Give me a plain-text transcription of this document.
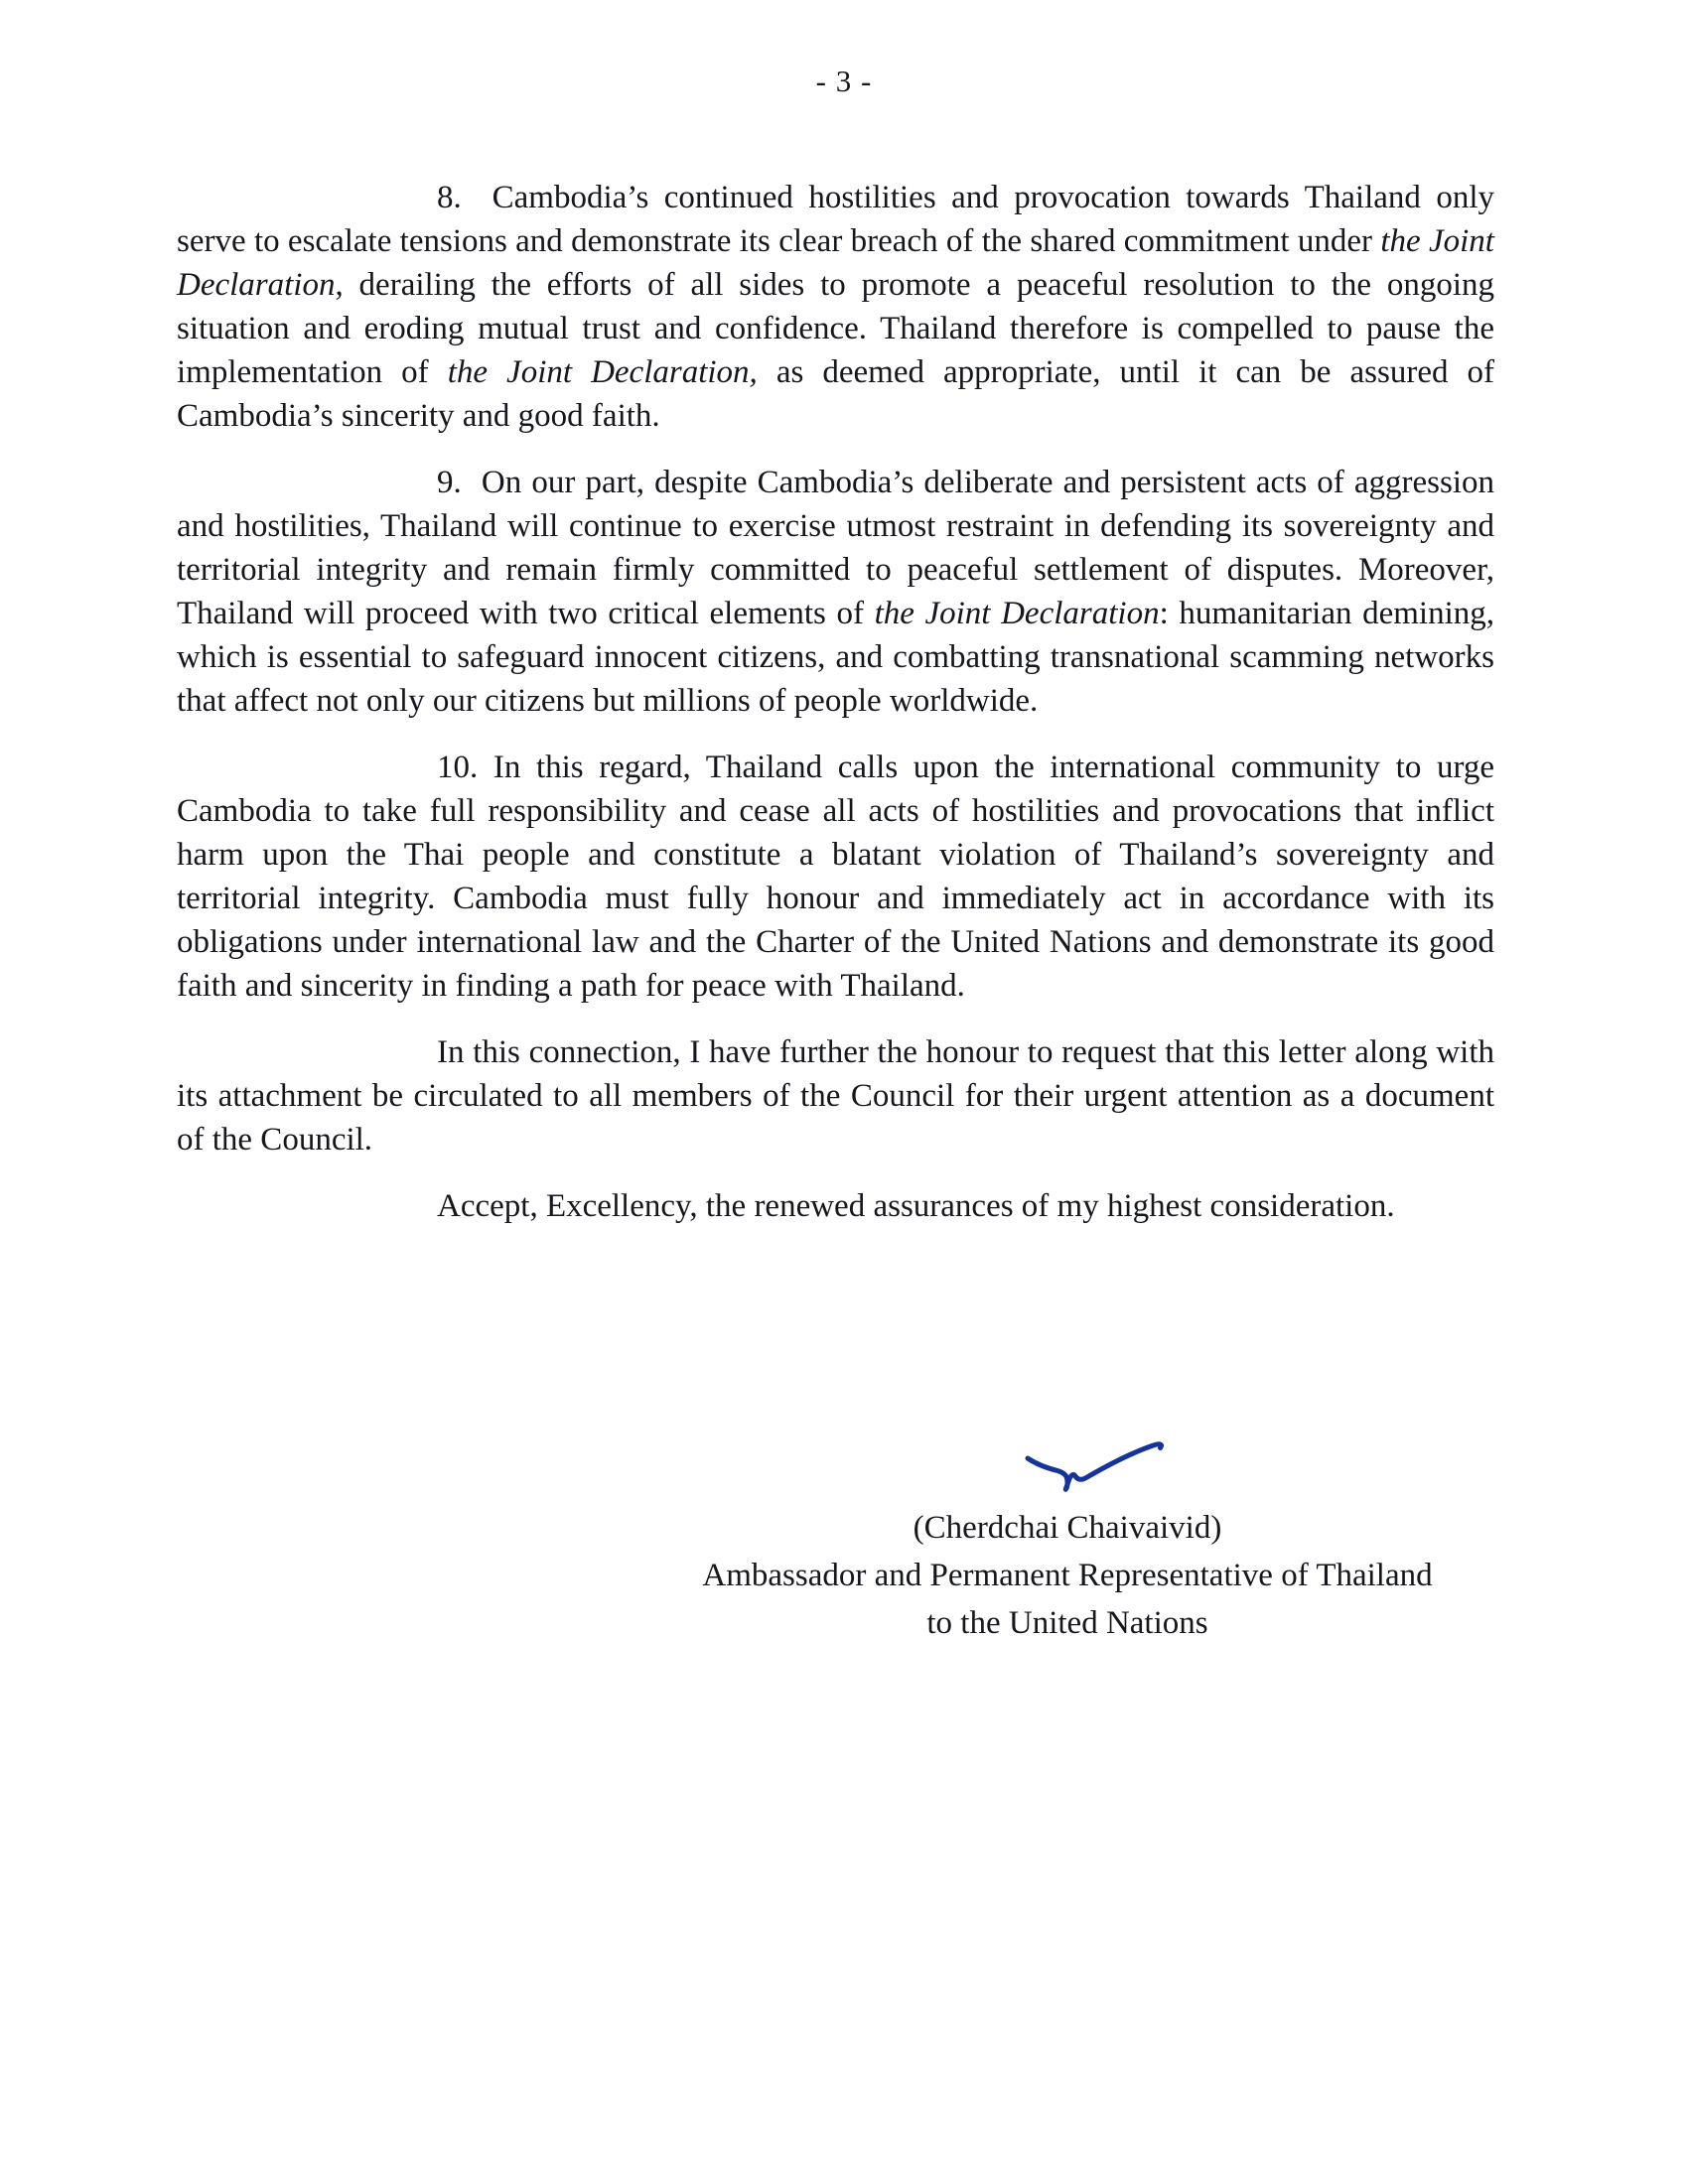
- 3 -

8.  Cambodia’s continued hostilities and provocation towards Thailand only serve to escalate tensions and demonstrate its clear breach of the shared commitment under the Joint Declaration, derailing the efforts of all sides to promote a peaceful resolution to the ongoing situation and eroding mutual trust and confidence. Thailand therefore is compelled to pause the implementation of the Joint Declaration, as deemed appropriate, until it can be assured of Cambodia’s sincerity and good faith.

9.  On our part, despite Cambodia’s deliberate and persistent acts of aggression and hostilities, Thailand will continue to exercise utmost restraint in defending its sovereignty and territorial integrity and remain firmly committed to peaceful settlement of disputes. Moreover, Thailand will proceed with two critical elements of the Joint Declaration: humanitarian demining, which is essential to safeguard innocent citizens, and combatting transnational scamming networks that affect not only our citizens but millions of people worldwide.

10. In this regard, Thailand calls upon the international community to urge Cambodia to take full responsibility and cease all acts of hostilities and provocations that inflict harm upon the Thai people and constitute a blatant violation of Thailand’s sovereignty and territorial integrity. Cambodia must fully honour and immediately act in accordance with its obligations under international law and the Charter of the United Nations and demonstrate its good faith and sincerity in finding a path for peace with Thailand.

In this connection, I have further the honour to request that this letter along with its attachment be circulated to all members of the Council for their urgent attention as a document of the Council.

Accept, Excellency, the renewed assurances of my highest consideration.

(Cherdchai Chaivaivid)
Ambassador and Permanent Representative of Thailand
to the United Nations
